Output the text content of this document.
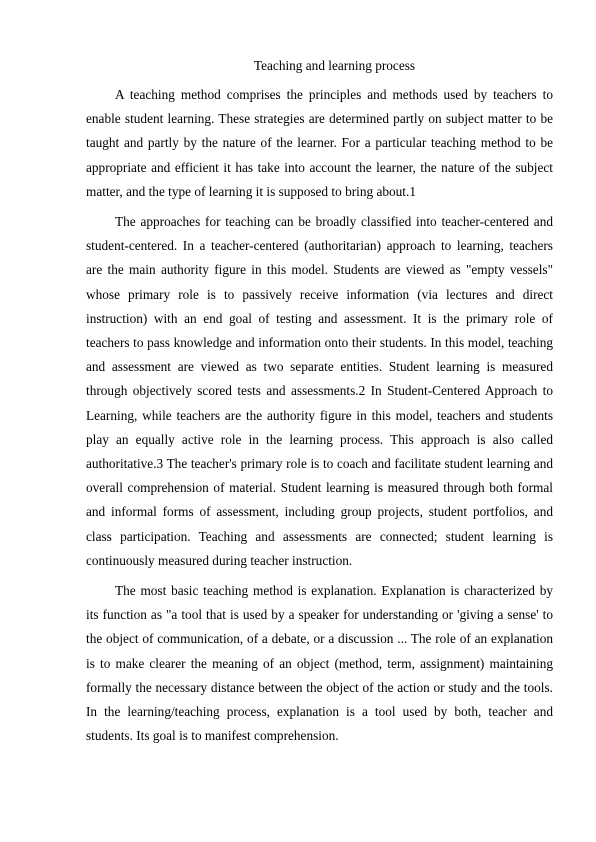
Teaching and learning process

A teaching method comprises the principles and methods used by teachers to enable student learning. These strategies are determined partly on subject matter to be taught and partly by the nature of the learner. For a particular teaching method to be appropriate and efficient it has take into account the learner, the nature of the subject matter, and the type of learning it is supposed to bring about.1

The approaches for teaching can be broadly classified into teacher-centered and student-centered. In a teacher-centered (authoritarian) approach to learning, teachers are the main authority figure in this model. Students are viewed as "empty vessels" whose primary role is to passively receive information (via lectures and direct instruction) with an end goal of testing and assessment. It is the primary role of teachers to pass knowledge and information onto their students. In this model, teaching and assessment are viewed as two separate entities. Student learning is measured through objectively scored tests and assessments.2 In Student-Centered Approach to Learning, while teachers are the authority figure in this model, teachers and students play an equally active role in the learning process. This approach is also called authoritative.3 The teacher's primary role is to coach and facilitate student learning and overall comprehension of material. Student learning is measured through both formal and informal forms of assessment, including group projects, student portfolios, and class participation. Teaching and assessments are connected; student learning is continuously measured during teacher instruction.

The most basic teaching method is explanation. Explanation is characterized by its function as "a tool that is used by a speaker for understanding or 'giving a sense' to the object of communication, of a debate, or a discussion ... The role of an explanation is to make clearer the meaning of an object (method, term, assignment) maintaining formally the necessary distance between the object of the action or study and the tools. In the learning/teaching process, explanation is a tool used by both, teacher and students. Its goal is to manifest comprehension.
